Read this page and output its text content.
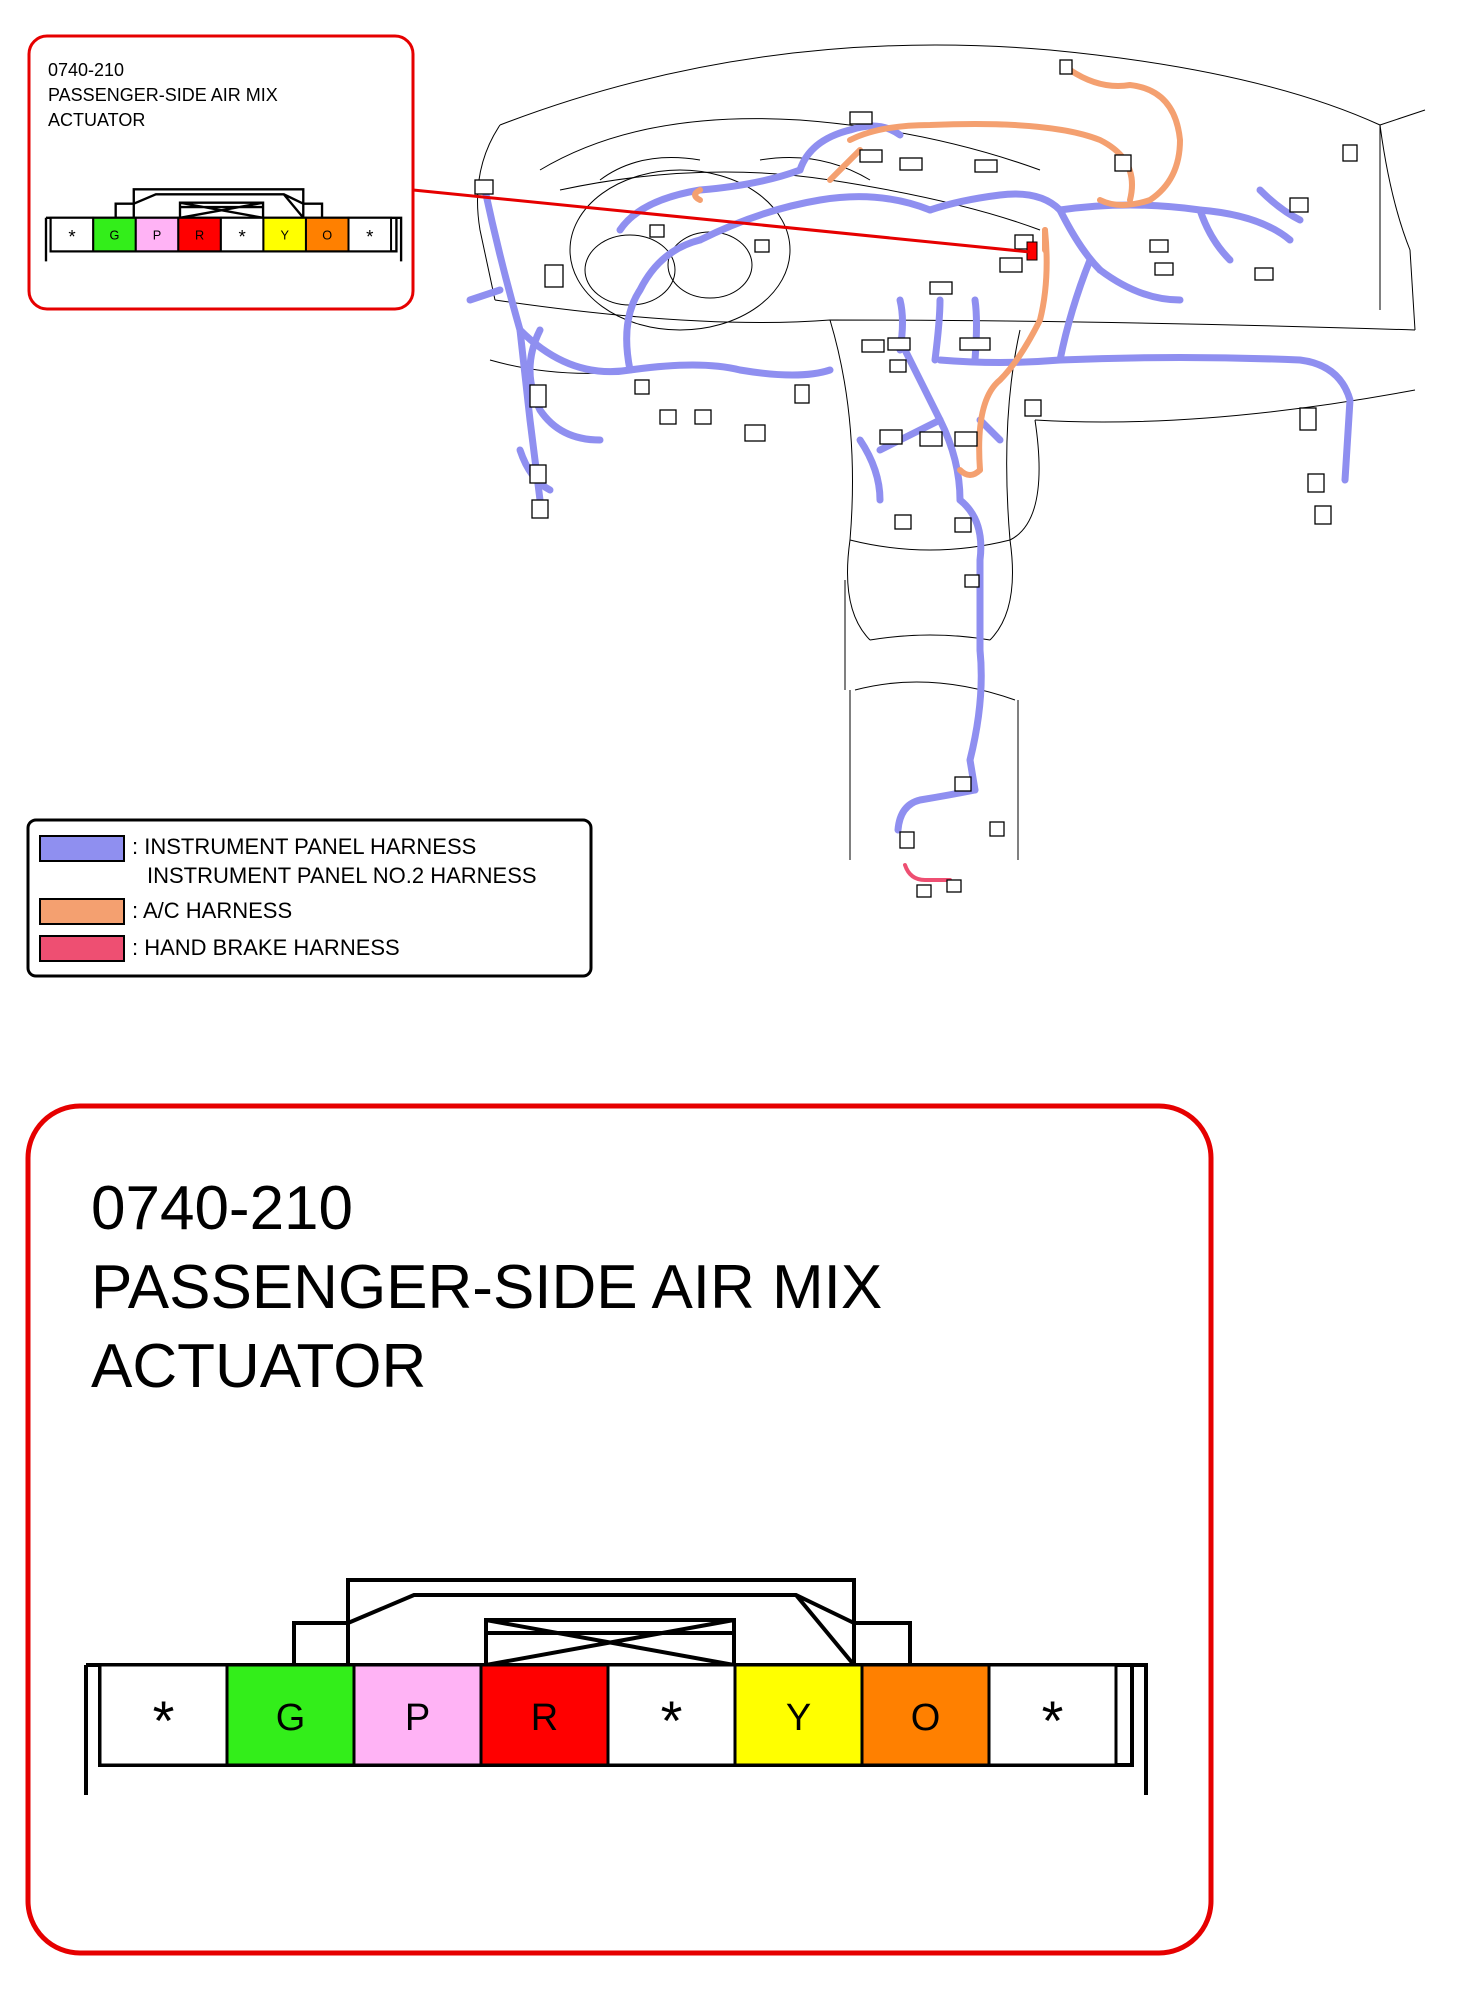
0740-210
PASSENGER-SIDE AIR MIX
ACTUATOR
* G P R * Y O *
: INSTRUMENT PANEL HARNESS
INSTRUMENT PANEL NO.2 HARNESS
: A/C HARNESS
: HAND BRAKE HARNESS
0740-210
PASSENGER-SIDE AIR MIX
ACTUATOR
*	G	P	R *	Y	O *
